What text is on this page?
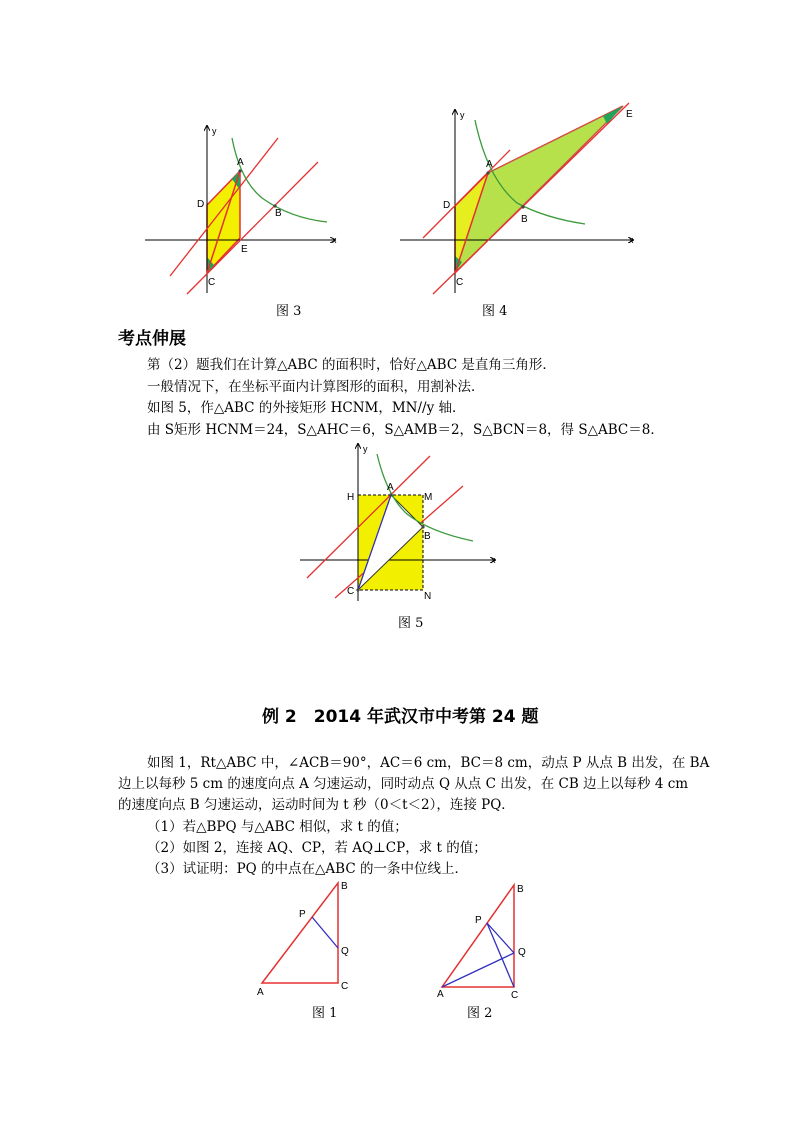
A
B
C
D
E
x
y
图 3
A
B
C
D
E
x
y
图 4
考点伸展
第（2）题我们在计算△ABC 的面积时，恰好△ABC 是直角三角形．
一般情况下，在坐标平面内计算图形的面积，用割补法．
如图 5，作△ABC 的外接矩形 HCNM，MN//y 轴．
由 S矩形 HCNM＝24，S△AHC＝6，S△AMB＝2，S△BCN＝8，得 S△ABC＝8．
A
B
C
H	M
N
x
y
图 5
例 2　2014 年武汉市中考第 24 题
如图 1，Rt△ABC 中，∠ACB＝90°，AC＝6 cm，BC＝8 cm，动点 P 从点 B 出发，在 BA
边上以每秒 5 cm 的速度向点 A 匀速运动，同时动点 Q 从点 C 出发，在 CB 边上以每秒 4 cm
的速度向点 B 匀速运动，运动时间为 t 秒（0＜t＜2），连接 PQ．
（1）若△BPQ 与△ABC 相似，求 t 的值；
（2）如图 2，连接 AQ、CP，若 AQ⊥CP，求 t 的值；
（3）试证明：PQ 的中点在△ABC 的一条中位线上．
A
B
C
P
Q
图 1
A
B
C
P
Q
图 2
